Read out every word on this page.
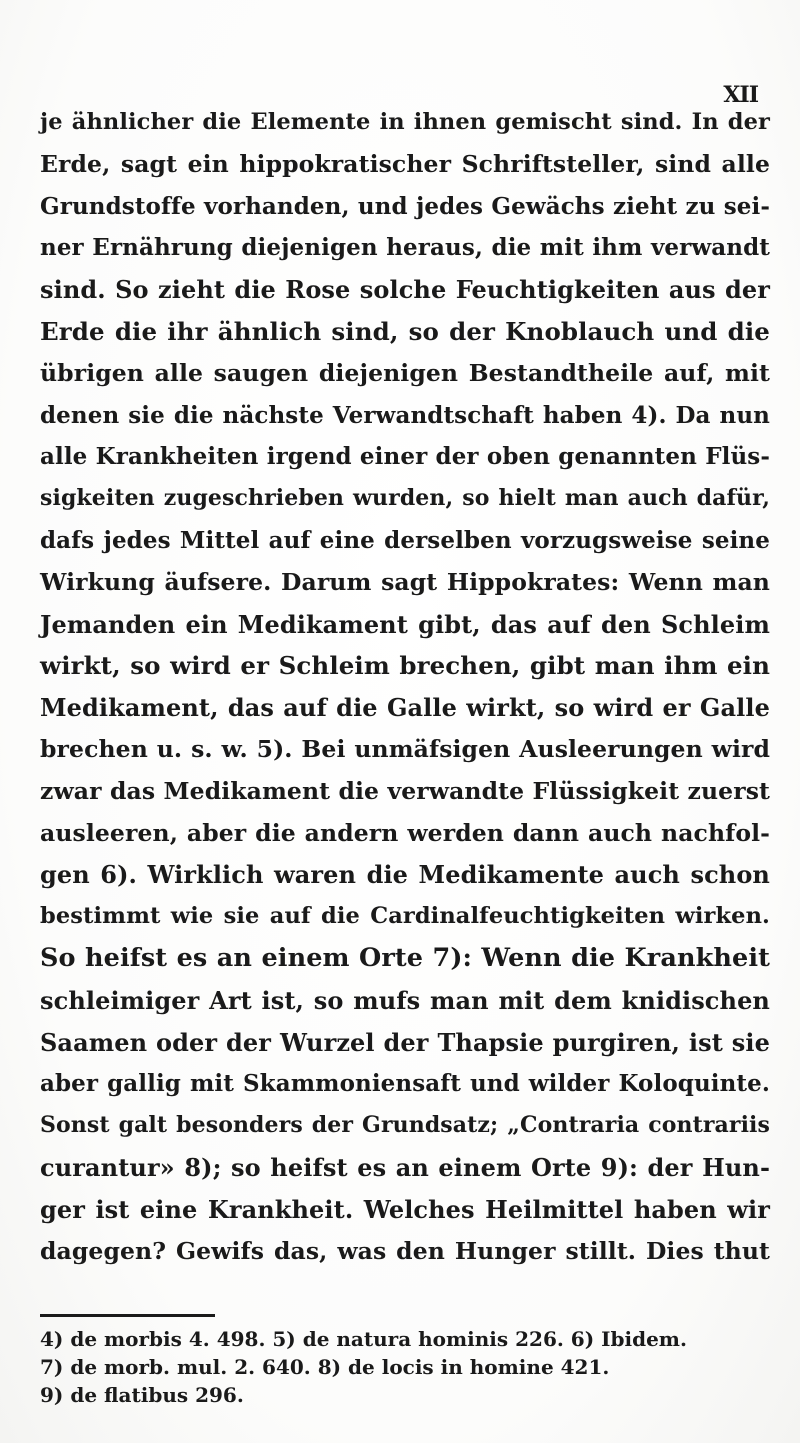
XII
je ähnlicher die Elemente in ihnen gemischt sind. In der
Erde, sagt ein hippokratischer Schriftsteller, sind alle
Grundstoffe vorhanden, und jedes Gewächs zieht zu sei-
ner Ernährung diejenigen heraus, die mit ihm verwandt
sind. So zieht die Rose solche Feuchtigkeiten aus der
Erde die ihr ähnlich sind, so der Knoblauch und die
übrigen alle saugen diejenigen Bestandtheile auf, mit
denen sie die nächste Verwandtschaft haben 4). Da nun
alle Krankheiten irgend einer der oben genannten Flüs-
sigkeiten zugeschrieben wurden, so hielt man auch dafür,
dafs jedes Mittel auf eine derselben vorzugsweise seine
Wirkung äufsere. Darum sagt Hippokrates: Wenn man
Jemanden ein Medikament gibt, das auf den Schleim
wirkt, so wird er Schleim brechen, gibt man ihm ein
Medikament, das auf die Galle wirkt, so wird er Galle
brechen u. s. w. 5). Bei unmäfsigen Ausleerungen wird
zwar das Medikament die verwandte Flüssigkeit zuerst
ausleeren, aber die andern werden dann auch nachfol-
gen 6). Wirklich waren die Medikamente auch schon
bestimmt wie sie auf die Cardinalfeuchtigkeiten wirken.
So heifst es an einem Orte 7): Wenn die Krankheit
schleimiger Art ist, so mufs man mit dem knidischen
Saamen oder der Wurzel der Thapsie purgiren, ist sie
aber gallig mit Skammoniensaft und wilder Koloquinte.
Sonst galt besonders der Grundsatz; „Contraria contrariis
curantur» 8); so heifst es an einem Orte 9): der Hun-
ger ist eine Krankheit. Welches Heilmittel haben wir
dagegen? Gewifs das, was den Hunger stillt. Dies thut
4) de morbis 4. 498. 5) de natura hominis 226. 6) Ibidem.
7) de morb. mul. 2. 640. 8) de locis in homine 421.
9) de flatibus 296.
